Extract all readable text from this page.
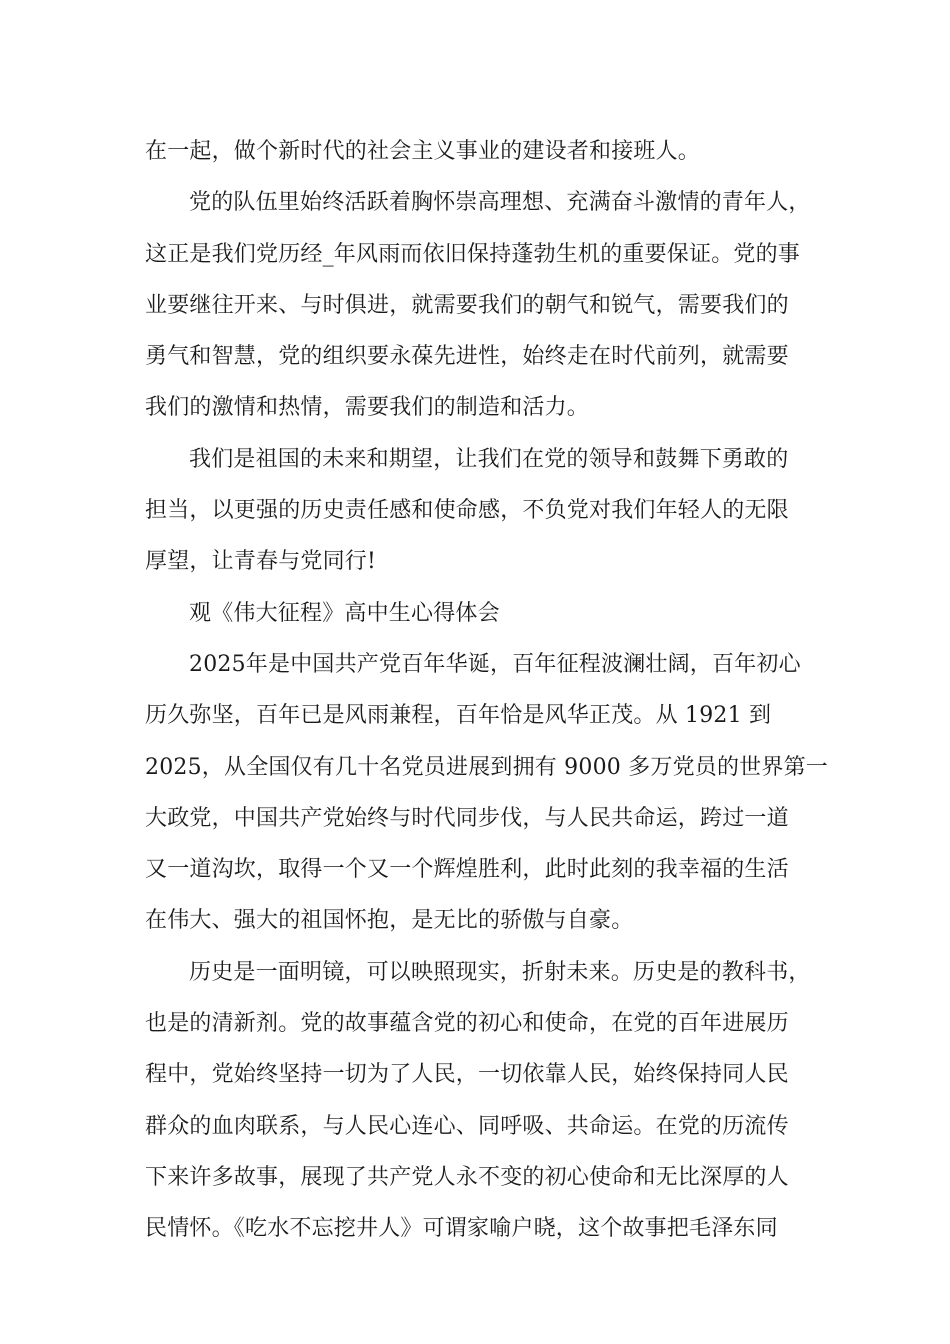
在一起，做个新时代的社会主义事业的建设者和接班人。
党的队伍里始终活跃着胸怀崇高理想、充满奋斗激情的青年人，
这正是我们党历经_年风雨而依旧保持蓬勃生机的重要保证。党的事
业要继往开来、与时俱进，就需要我们的朝气和锐气，需要我们的
勇气和智慧，党的组织要永葆先进性，始终走在时代前列，就需要
我们的激情和热情，需要我们的制造和活力。
我们是祖国的未来和期望，让我们在党的领导和鼓舞下勇敢的
担当，以更强的历史责任感和使命感，不负党对我们年轻人的无限
厚望，让青春与党同行!
观《伟大征程》高中生心得体会
2025年是中国共产党百年华诞，百年征程波澜壮阔，百年初心
历久弥坚，百年已是风雨兼程，百年恰是风华正茂。从 1921 到
2025，从全国仅有几十名党员进展到拥有 9000 多万党员的世界第一
大政党，中国共产党始终与时代同步伐，与人民共命运，跨过一道
又一道沟坎，取得一个又一个辉煌胜利，此时此刻的我幸福的生活
在伟大、强大的祖国怀抱，是无比的骄傲与自豪。
历史是一面明镜，可以映照现实，折射未来。历史是的教科书，
也是的清新剂。党的故事蕴含党的初心和使命，在党的百年进展历
程中，党始终坚持一切为了人民，一切依靠人民，始终保持同人民
群众的血肉联系，与人民心连心、同呼吸、共命运。在党的历流传
下来许多故事，展现了共产党人永不变的初心使命和无比深厚的人
民情怀。《吃水不忘挖井人》可谓家喻户晓，这个故事把毛泽东同
